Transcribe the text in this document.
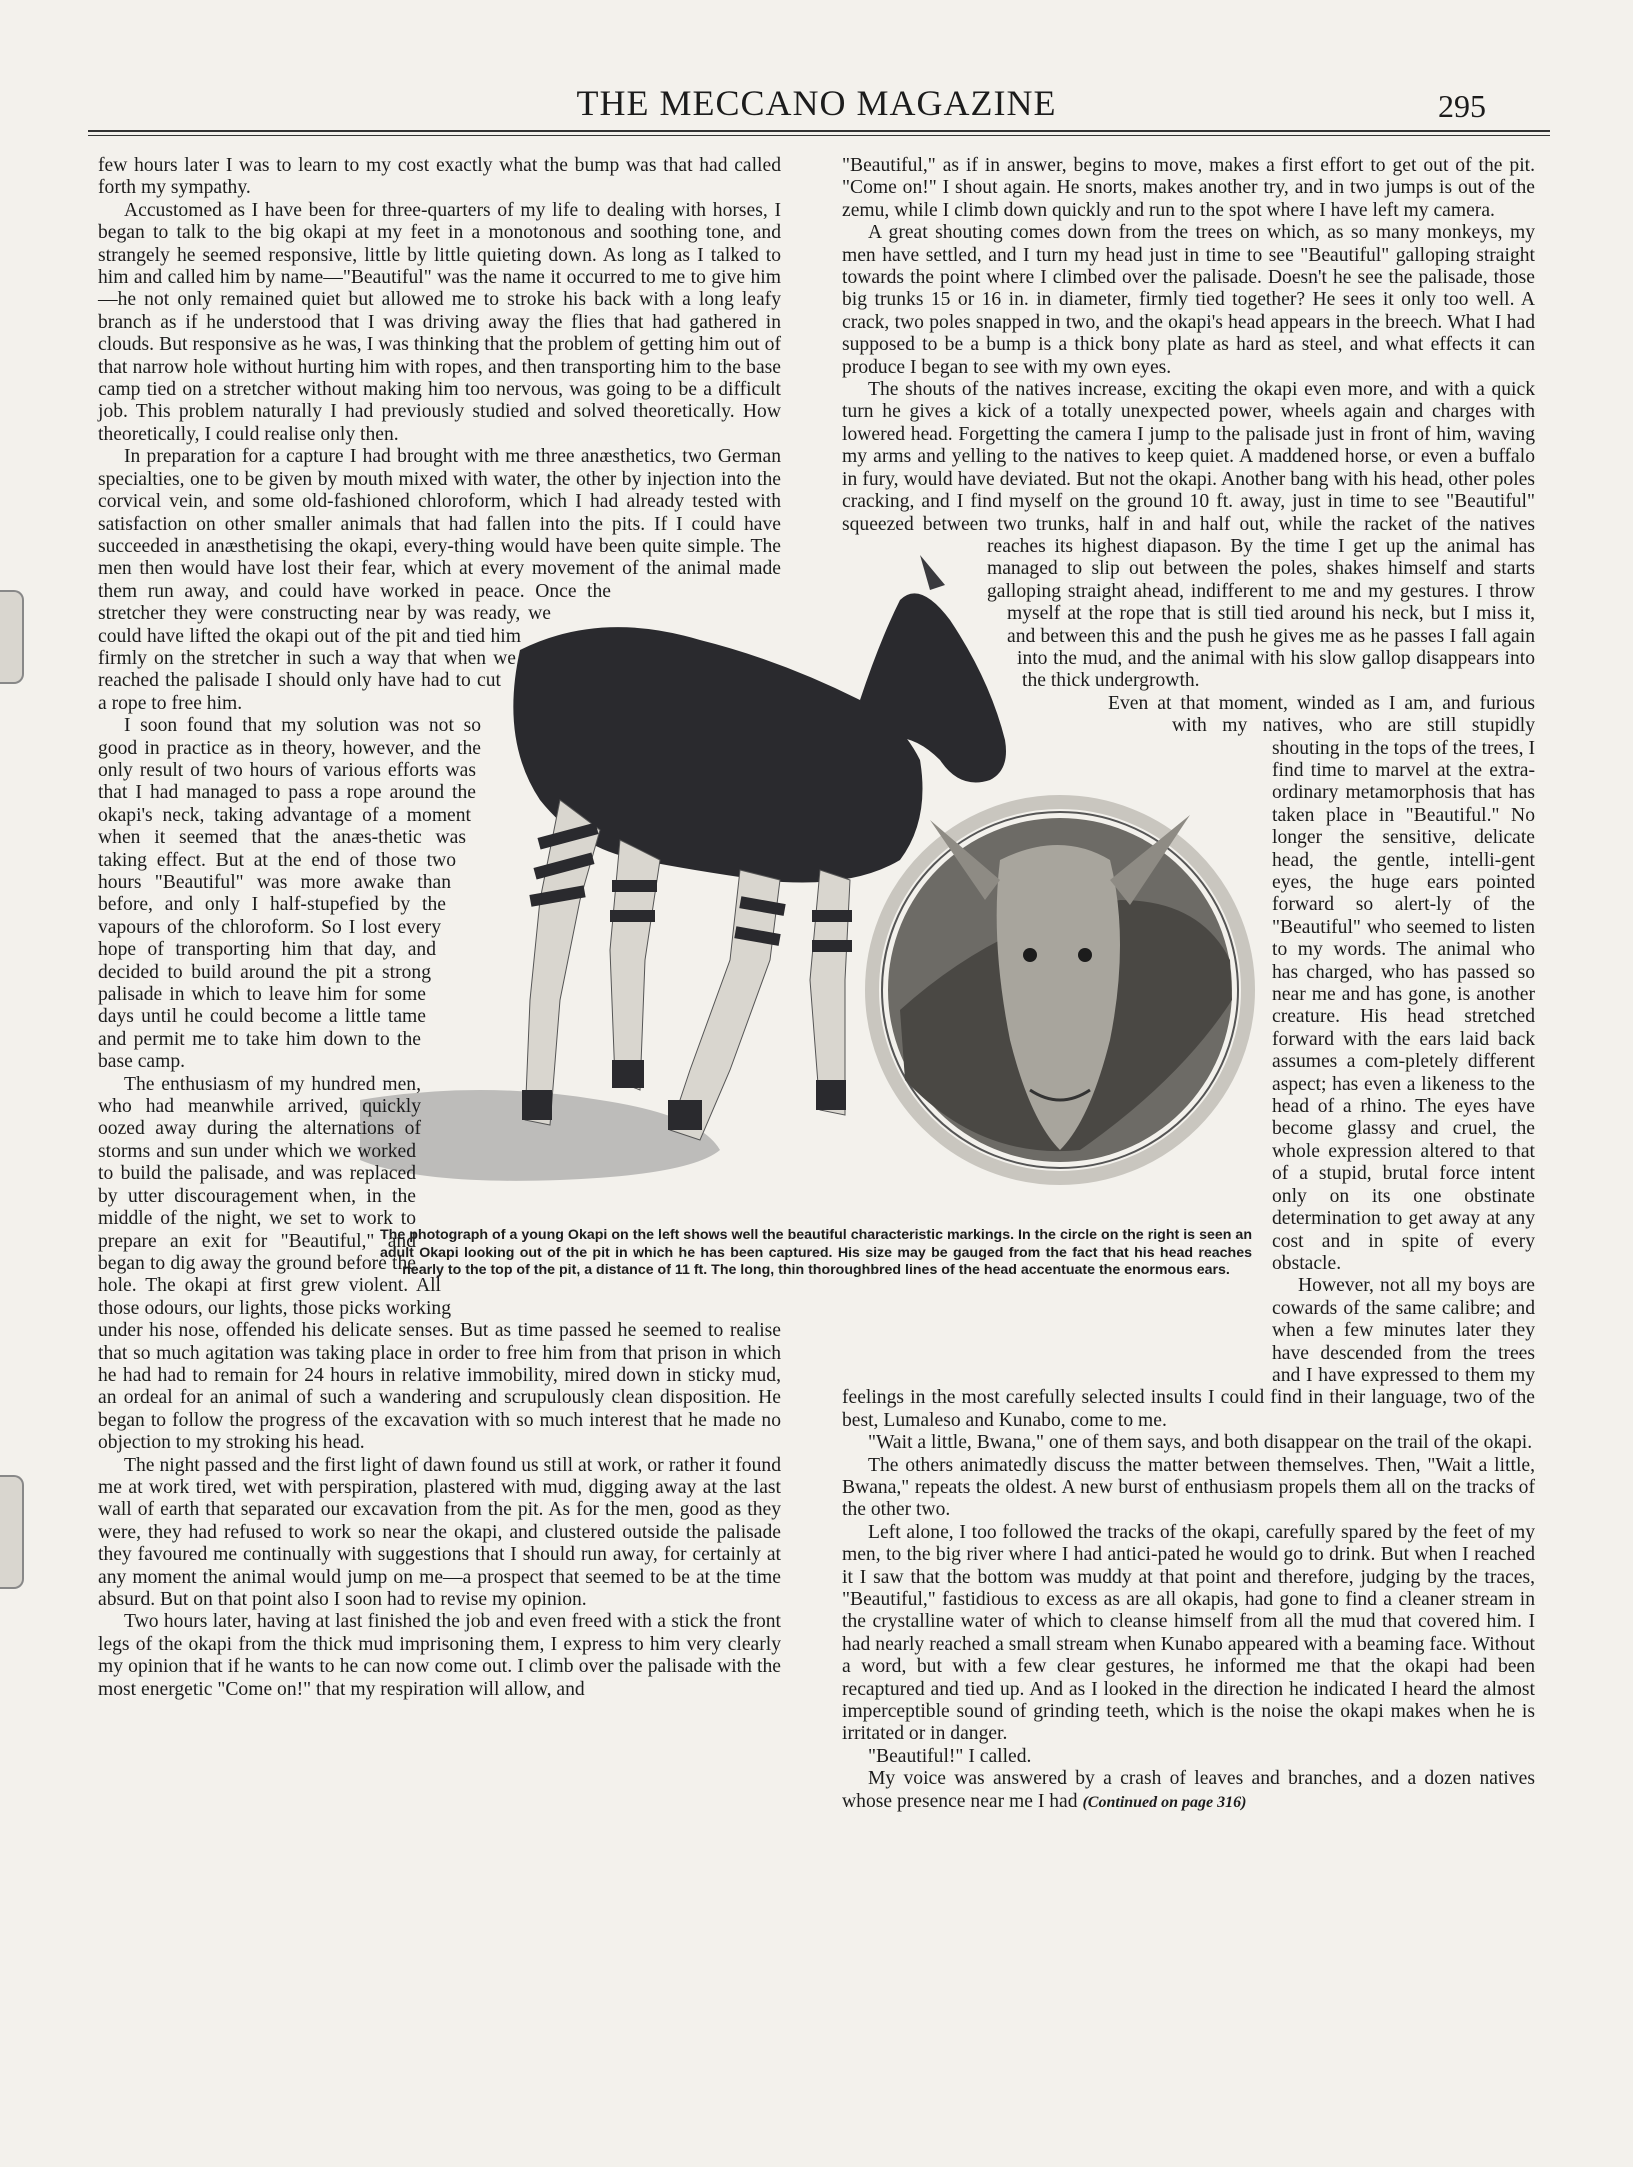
THE MECCANO MAGAZINE	295

few hours later I was to learn to my cost exactly what the bump was that had called forth my sympathy.

Accustomed as I have been for three-quarters of my life to dealing with horses, I began to talk to the big okapi at my feet in a monotonous and soothing tone, and strangely he seemed responsive, little by little quieting down. As long as I talked to him and called him by name—"Beautiful" was the name it occurred to me to give him—he not only remained quiet but allowed me to stroke his back with a long leafy branch as if he understood that I was driving away the flies that had gathered in clouds. But responsive as he was, I was thinking that the problem of getting him out of that narrow hole without hurting him with ropes, and then transporting him to the base camp tied on a stretcher without making him too nervous, was going to be a difficult job. This problem naturally I had previously studied and solved theoretically. How theoretically, I could realise only then.

In preparation for a capture I had brought with me three anæsthetics, two German specialties, one to be given by mouth mixed with water, the other by injection into the corvical vein, and some old-fashioned chloroform, which I had already tested with satisfaction on other smaller animals that had fallen into the pits. If I could have succeeded in anæsthetising the okapi, every-thing would have been quite simple. The men then would have lost their fear, which at every movement of the animal made them run away, and could have worked in peace. Once the stretcher they were constructing near by was ready, we could have lifted the okapi out of the pit and tied him firmly on the stretcher in such a way that when we reached the palisade I should only have had to cut a rope to free him.

I soon found that my solution was not so good in practice as in theory, however, and the only result of two hours of various efforts was that I had managed to pass a rope around the okapi's neck, taking advantage of a moment when it seemed that the anæs-thetic was taking effect. But at the end of those two hours "Beautiful" was more awake than before, and only I half-stupefied by the vapours of the chloroform. So I lost every hope of transporting him that day, and decided to build around the pit a strong palisade in which to leave him for some days until he could become a little tame and permit me to take him down to the base camp.

The enthusiasm of my hundred men, who had meanwhile arrived, quickly oozed away during the alternations of storms and sun under which we worked to build the palisade, and was replaced by utter discouragement when, in the middle of the night, we set to work to prepare an exit for "Beautiful," and began to dig away the ground before the hole. The okapi at first grew violent. All those odours, our lights, those picks working under his nose, offended his delicate senses. But as time passed he seemed to realise that so much agitation was taking place in order to free him from that prison in which he had had to remain for 24 hours in relative immobility, mired down in sticky mud, an ordeal for an animal of such a wandering and scrupulously clean disposition. He began to follow the progress of the excavation with so much interest that he made no objection to my stroking his head.

The night passed and the first light of dawn found us still at work, or rather it found me at work tired, wet with perspiration, plastered with mud, digging away at the last wall of earth that separated our excavation from the pit. As for the men, good as they were, they had refused to work so near the okapi, and clustered outside the palisade they favoured me continually with suggestions that I should run away, for certainly at any moment the animal would jump on me—a prospect that seemed to be at the time absurd. But on that point also I soon had to revise my opinion.

Two hours later, having at last finished the job and even freed with a stick the front legs of the okapi from the thick mud imprisoning them, I express to him very clearly my opinion that if he wants to he can now come out. I climb over the palisade with the most energetic "Come on!" that my respiration will allow, and

"Beautiful," as if in answer, begins to move, makes a first effort to get out of the pit. "Come on!" I shout again. He snorts, makes another try, and in two jumps is out of the zemu, while I climb down quickly and run to the spot where I have left my camera.

A great shouting comes down from the trees on which, as so many monkeys, my men have settled, and I turn my head just in time to see "Beautiful" galloping straight towards the point where I climbed over the palisade. Doesn't he see the palisade, those big trunks 15 or 16 in. in diameter, firmly tied together? He sees it only too well. A crack, two poles snapped in two, and the okapi's head appears in the breech. What I had supposed to be a bump is a thick bony plate as hard as steel, and what effects it can produce I began to see with my own eyes.

The shouts of the natives increase, exciting the okapi even more, and with a quick turn he gives a kick of a totally unexpected power, wheels again and charges with lowered head. Forgetting the camera I jump to the palisade just in front of him, waving my arms and yelling to the natives to keep quiet. A maddened horse, or even a buffalo in fury, would have deviated. But not the okapi. Another bang with his head, other poles cracking, and I find myself on the ground 10 ft. away, just in time to see "Beautiful" squeezed between two trunks, half in and half out, while the racket of the natives reaches its highest diapason. By the time I get up the animal has managed to slip out between the poles, shakes himself and starts galloping straight ahead, indifferent to me and my gestures. I throw myself at the rope that is still tied around his neck, but I miss it, and between this and the push he gives me as he passes I fall again into the mud, and the animal with his slow gallop disappears into the thick undergrowth.

Even at that moment, winded as I am, and furious with my natives, who are still stupidly shouting in the tops of the trees, I find time to marvel at the extra-ordinary metamorphosis that has taken place in "Beautiful." No longer the sensitive, delicate head, the gentle, intelli-gent eyes, the huge ears pointed forward so alert-ly of the "Beautiful" who seemed to listen to my words. The animal who has charged, who has passed so near me and has gone, is another creature. His head stretched forward with the ears laid back assumes a com-pletely different aspect; has even a likeness to the head of a rhino. The eyes have become glassy and cruel, the whole expression altered to that of a stupid, brutal force intent only on its one obstinate determination to get away at any cost and in spite of every obstacle.

However, not all my boys are cowards of the same calibre; and when a few minutes later they have descended from the trees and I have expressed to them my feelings in the most carefully selected insults I could find in their language, two of the best, Lumaleso and Kunabo, come to me.

"Wait a little, Bwana," one of them says, and both disappear on the trail of the okapi.

The others animatedly discuss the matter between themselves. Then, "Wait a little, Bwana," repeats the oldest. A new burst of enthusiasm propels them all on the tracks of the other two.

Left alone, I too followed the tracks of the okapi, carefully spared by the feet of my men, to the big river where I had antici-pated he would go to drink. But when I reached it I saw that the bottom was muddy at that point and therefore, judging by the traces, "Beautiful," fastidious to excess as are all okapis, had gone to find a cleaner stream in the crystalline water of which to cleanse himself from all the mud that covered him. I had nearly reached a small stream when Kunabo appeared with a beaming face. Without a word, but with a few clear gestures, he informed me that the okapi had been recaptured and tied up. And as I looked in the direction he indicated I heard the almost imperceptible sound of grinding teeth, which is the noise the okapi makes when he is irritated or in danger.

"Beautiful!" I called.

My voice was answered by a crash of leaves and branches, and a dozen natives whose presence near me I had (Continued on page 316)

The photograph of a young Okapi on the left shows well the beautiful characteristic markings. In the circle on the right is seen an adult Okapi looking out of the pit in which he has been captured. His size may be gauged from the fact that his head reaches nearly to the top of the pit, a distance of 11 ft. The long, thin thoroughbred lines of the head accentuate the enormous ears.
